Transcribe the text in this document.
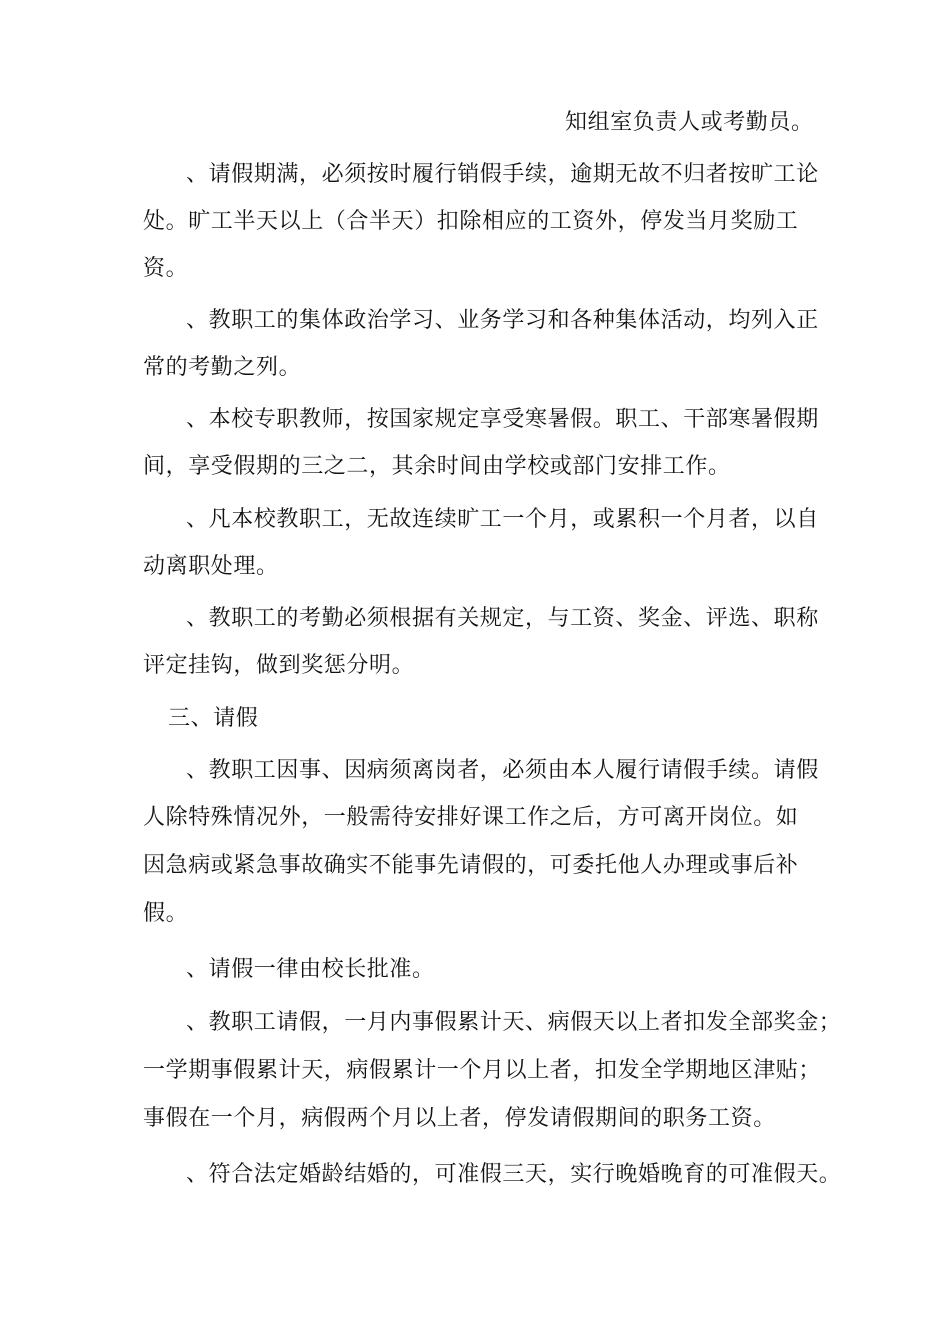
知组室负责人或考勤员。
、请假期满，必须按时履行销假手续，逾期无故不归者按旷工论
处。旷工半天以上（合半天）扣除相应的工资外，停发当月奖励工
资。
、教职工的集体政治学习、业务学习和各种集体活动，均列入正
常的考勤之列。
、本校专职教师，按国家规定享受寒暑假。职工、干部寒暑假期
间，享受假期的三之二，其余时间由学校或部门安排工作。
、凡本校教职工，无故连续旷工一个月，或累积一个月者，以自
动离职处理。
、教职工的考勤必须根据有关规定，与工资、奖金、评选、职称
评定挂钩，做到奖惩分明。
三、请假
、教职工因事、因病须离岗者，必须由本人履行请假手续。请假
人除特殊情况外，一般需待安排好课工作之后，方可离开岗位。如
因急病或紧急事故确实不能事先请假的，可委托他人办理或事后补
假。
、请假一律由校长批准。
、教职工请假，一月内事假累计天、病假天以上者扣发全部奖金；
一学期事假累计天，病假累计一个月以上者，扣发全学期地区津贴；
事假在一个月，病假两个月以上者，停发请假期间的职务工资。
、符合法定婚龄结婚的，可准假三天，实行晚婚晚育的可准假天。
